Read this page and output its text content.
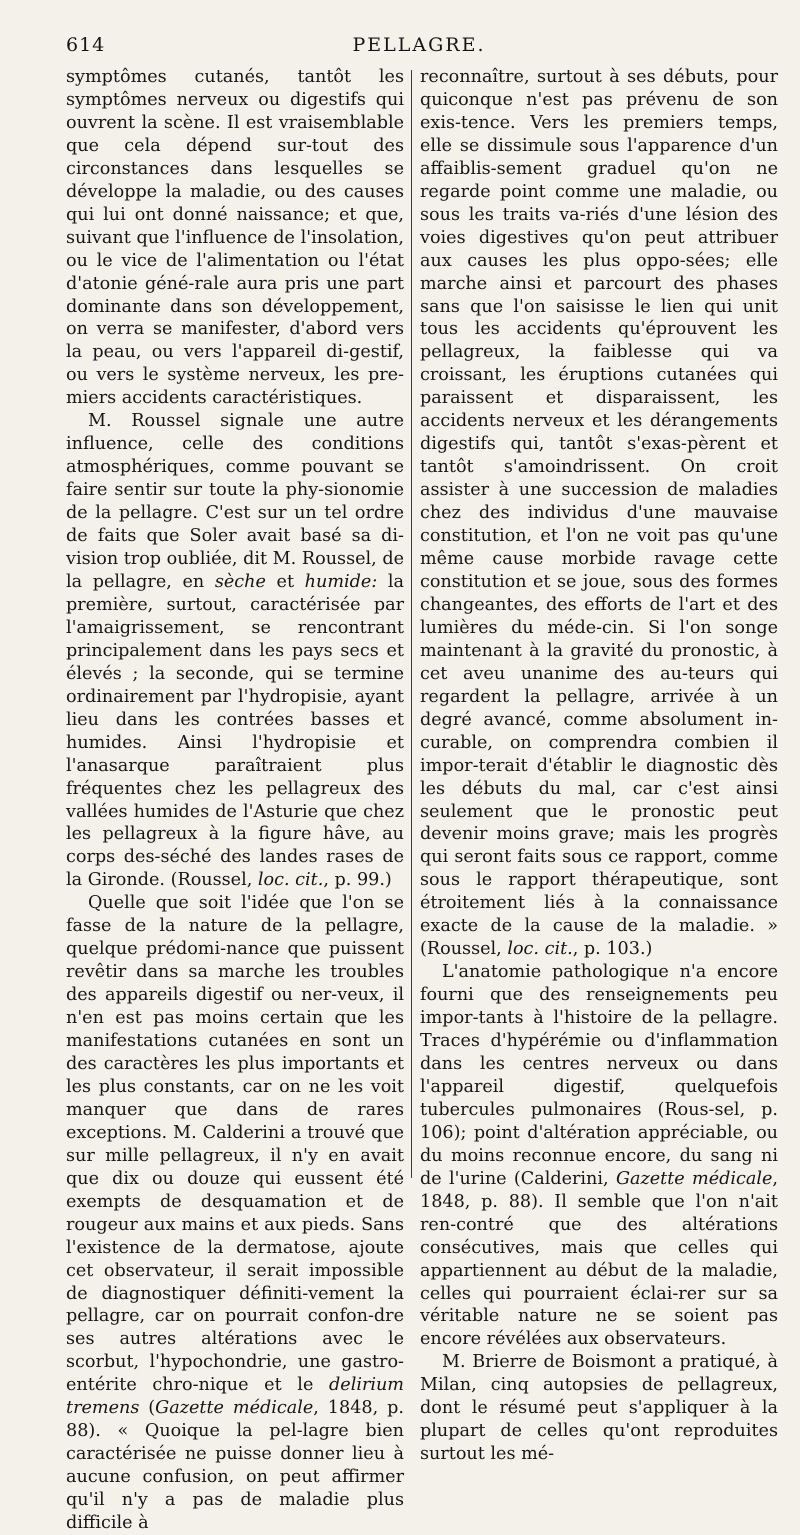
614	PELLAGRE.

symptômes cutanés, tantôt les symptômes nerveux ou digestifs qui ouvrent la scène. Il est vraisemblable que cela dépend sur-tout des circonstances dans lesquelles se développe la maladie, ou des causes qui lui ont donné naissance; et que, suivant que l'influence de l'insolation, ou le vice de l'alimentation ou l'état d'atonie géné-rale aura pris une part dominante dans son développement, on verra se manifester, d'abord vers la peau, ou vers l'appareil di-gestif, ou vers le système nerveux, les pre-miers accidents caractéristiques.

M. Roussel signale une autre influence, celle des conditions atmosphériques, comme pouvant se faire sentir sur toute la phy-sionomie de la pellagre. C'est sur un tel ordre de faits que Soler avait basé sa di-vision trop oubliée, dit M. Roussel, de la pellagre, en sèche et humide: la première, surtout, caractérisée par l'amaigrissement, se rencontrant principalement dans les pays secs et élevés ; la seconde, qui se termine ordinairement par l'hydropisie, ayant lieu dans les contrées basses et humides. Ainsi l'hydropisie et l'anasarque paraîtraient plus fréquentes chez les pellagreux des vallées humides de l'Asturie que chez les pellagreux à la figure hâve, au corps des-séché des landes rases de la Gironde. (Roussel, loc. cit., p. 99.)

Quelle que soit l'idée que l'on se fasse de la nature de la pellagre, quelque prédomi-nance que puissent revêtir dans sa marche les troubles des appareils digestif ou ner-veux, il n'en est pas moins certain que les manifestations cutanées en sont un des caractères les plus importants et les plus constants, car on ne les voit manquer que dans de rares exceptions. M. Calderini a trouvé que sur mille pellagreux, il n'y en avait que dix ou douze qui eussent été exempts de desquamation et de rougeur aux mains et aux pieds. Sans l'existence de la dermatose, ajoute cet observateur, il serait impossible de diagnostiquer définiti-vement la pellagre, car on pourrait confon-dre ses autres altérations avec le scorbut, l'hypochondrie, une gastro-entérite chro-nique et le delirium tremens (Gazette médicale, 1848, p. 88). « Quoique la pel-lagre bien caractérisée ne puisse donner lieu à aucune confusion, on peut affirmer qu'il n'y a pas de maladie plus difficile à

reconnaître, surtout à ses débuts, pour quiconque n'est pas prévenu de son exis-tence. Vers les premiers temps, elle se dissimule sous l'apparence d'un affaiblis-sement graduel qu'on ne regarde point comme une maladie, ou sous les traits va-riés d'une lésion des voies digestives qu'on peut attribuer aux causes les plus oppo-sées; elle marche ainsi et parcourt des phases sans que l'on saisisse le lien qui unit tous les accidents qu'éprouvent les pellagreux, la faiblesse qui va croissant, les éruptions cutanées qui paraissent et disparaissent, les accidents nerveux et les dérangements digestifs qui, tantôt s'exas-pèrent et tantôt s'amoindrissent. On croit assister à une succession de maladies chez des individus d'une mauvaise constitution, et l'on ne voit pas qu'une même cause morbide ravage cette constitution et se joue, sous des formes changeantes, des efforts de l'art et des lumières du méde-cin. Si l'on songe maintenant à la gravité du pronostic, à cet aveu unanime des au-teurs qui regardent la pellagre, arrivée à un degré avancé, comme absolument in-curable, on comprendra combien il impor-terait d'établir le diagnostic dès les débuts du mal, car c'est ainsi seulement que le pronostic peut devenir moins grave; mais les progrès qui seront faits sous ce rapport, comme sous le rapport thérapeutique, sont étroitement liés à la connaissance exacte de la cause de la maladie. » (Roussel, loc. cit., p. 103.)

L'anatomie pathologique n'a encore fourni que des renseignements peu impor-tants à l'histoire de la pellagre. Traces d'hypérémie ou d'inflammation dans les centres nerveux ou dans l'appareil digestif, quelquefois tubercules pulmonaires (Rous-sel, p. 106); point d'altération appréciable, ou du moins reconnue encore, du sang ni de l'urine (Calderini, Gazette médicale, 1848, p. 88). Il semble que l'on n'ait ren-contré que des altérations consécutives, mais que celles qui appartiennent au début de la maladie, celles qui pourraient éclai-rer sur sa véritable nature ne se soient pas encore révélées aux observateurs.

M. Brierre de Boismont a pratiqué, à Milan, cinq autopsies de pellagreux, dont le résumé peut s'appliquer à la plupart de celles qu'ont reproduites surtout les mé-
